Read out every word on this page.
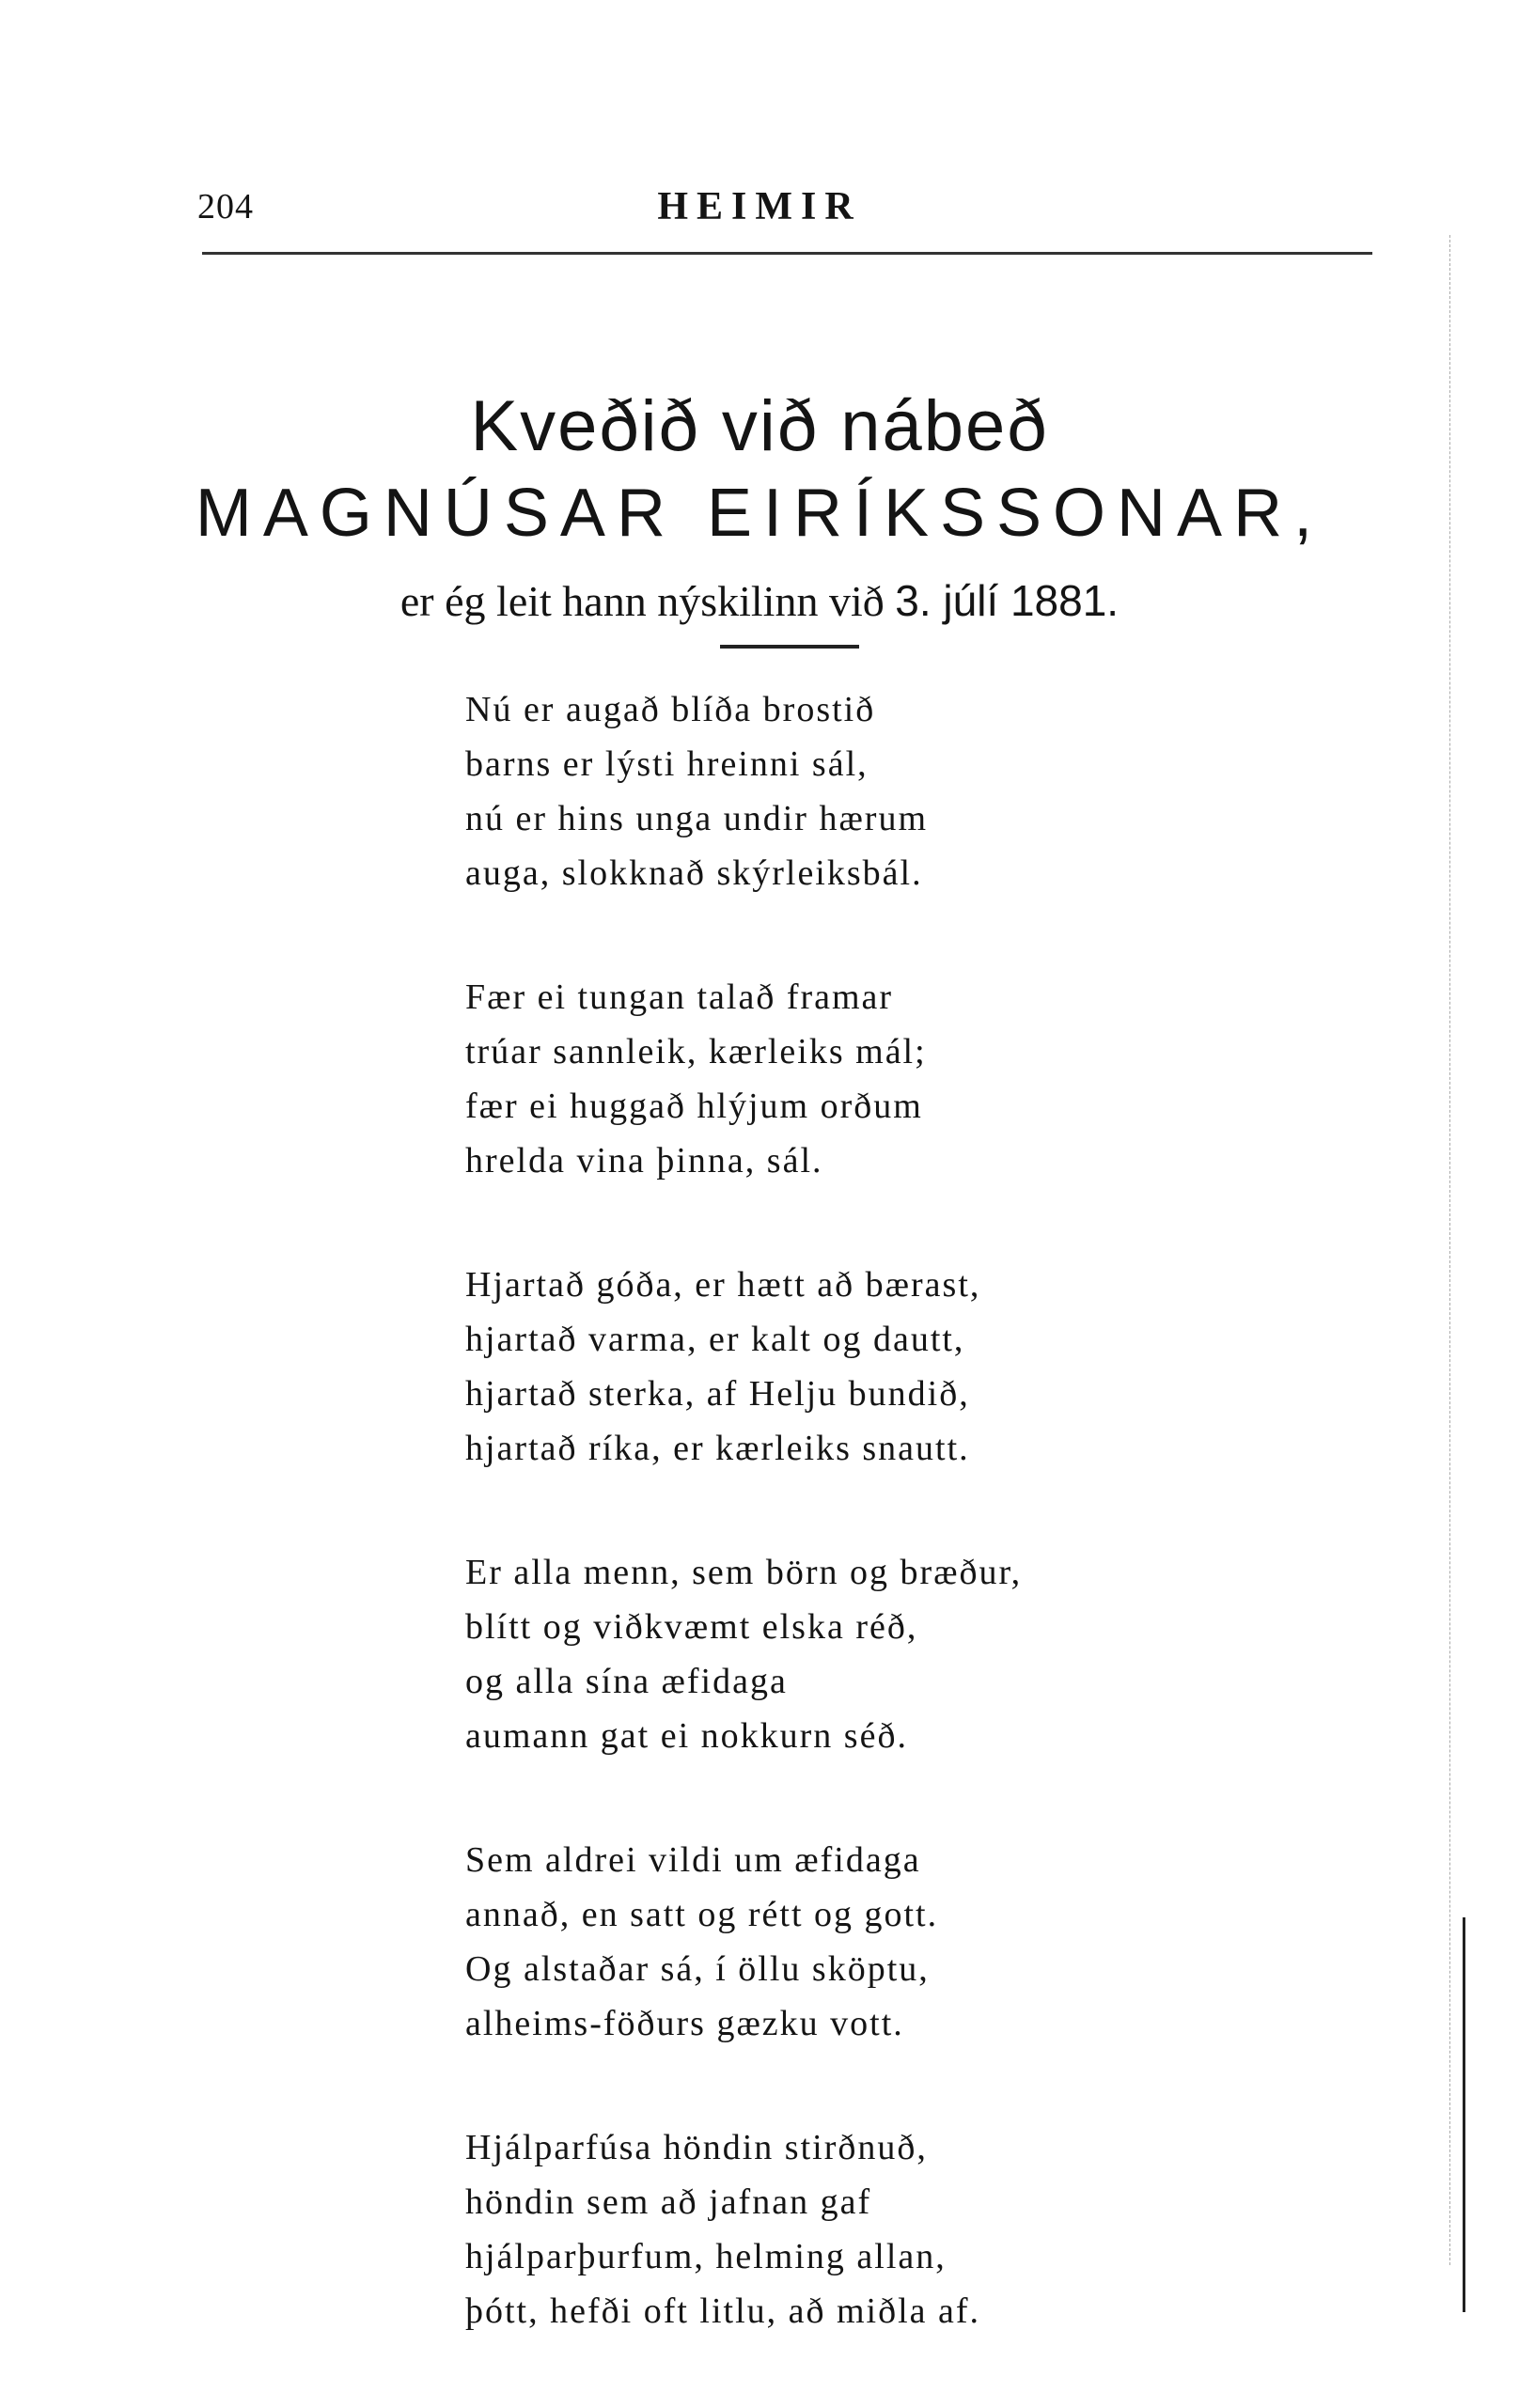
204	HEIMIR
Kveðið við nábeð
MAGNÚSAR EIRÍKSSONAR,
er ég leit hann nýskilinn við 3. júlí 1881.
Nú er augað blíða brostið
barns er lýsti hreinni sál,
nú er hins unga undir hærum
auga, slokknað skýrleiksbál.
Fær ei tungan talað framar
trúar sannleik, kærleiks mál;
fær ei huggað hlýjum orðum
hrelda vina þinna, sál.
Hjartað góða, er hætt að bærast,
hjartað varma, er kalt og dautt,
hjartað sterka, af Helju bundið,
hjartað ríka, er kærleiks snautt.
Er alla menn, sem börn og bræður,
blítt og viðkvæmt elska réð,
og alla sína æfidaga
aumann gat ei nokkurn séð.
Sem aldrei vildi um æfidaga
annað, en satt og rétt og gott.
Og alstaðar sá, í öllu sköptu,
alheims-föðurs gæzku vott.
Hjálparfúsa höndin stirðnuð,
höndin sem að jafnan gaf
hjálparþurfum, helming allan,
þótt, hefði oft litlu, að miðla af.
